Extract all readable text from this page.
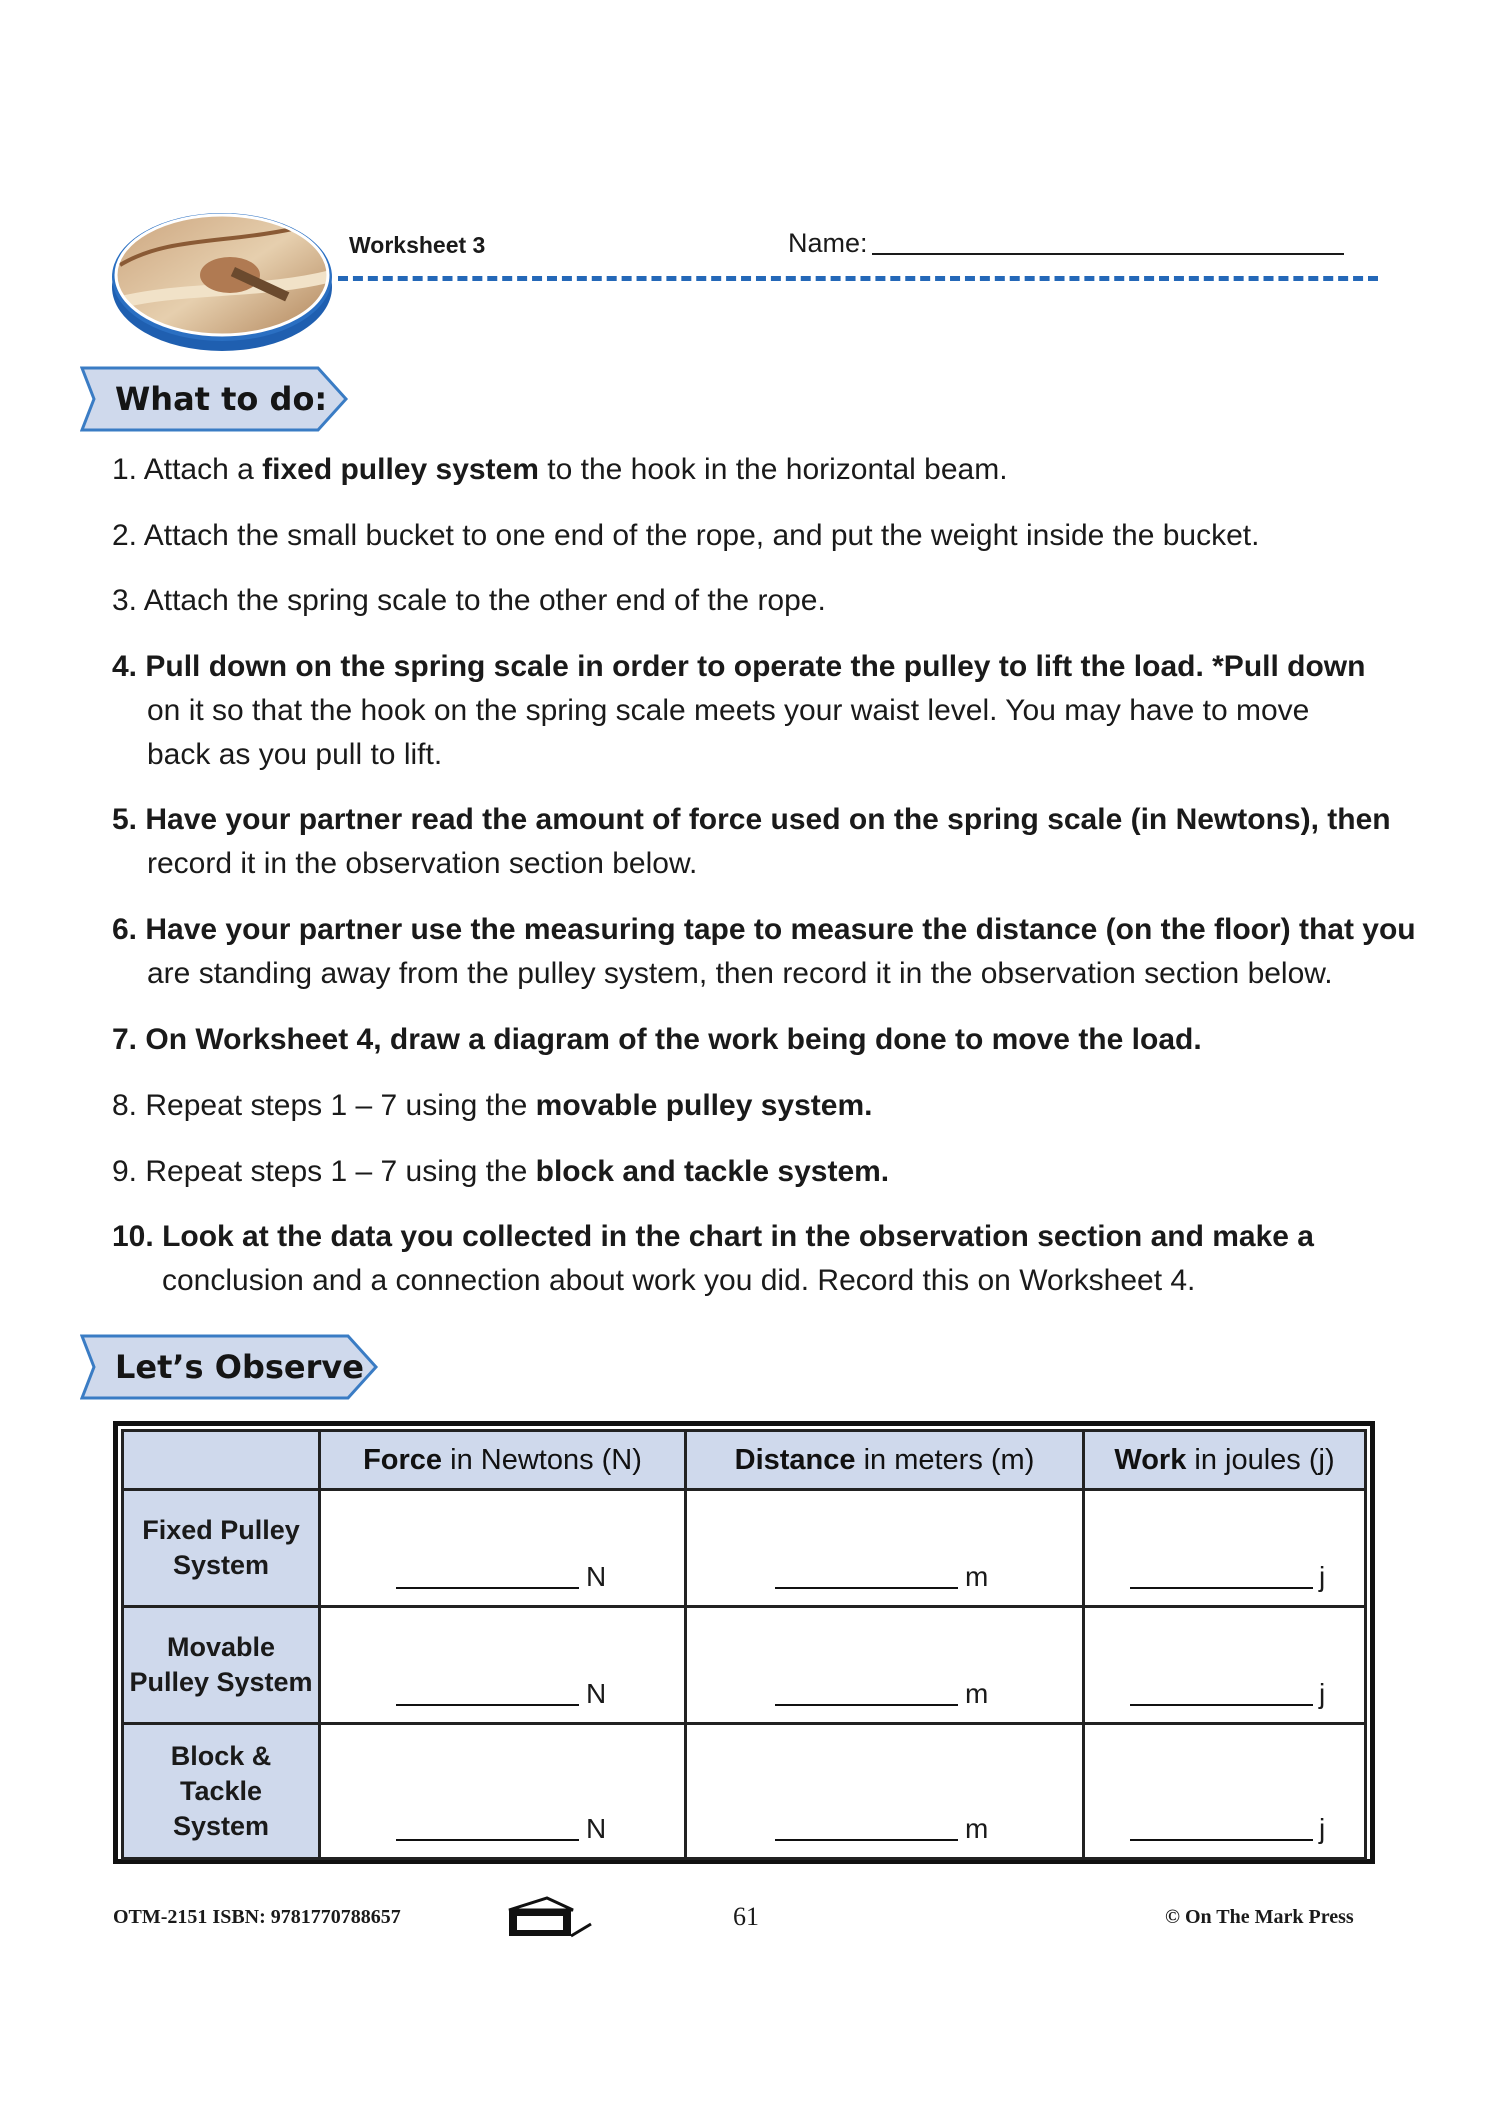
Worksheet 3	Name:
What to do:
1. Attach a fixed pulley system to the hook in the horizontal beam.
2. Attach the small bucket to one end of the rope, and put the weight inside the bucket.
3. Attach the spring scale to the other end of the rope.
4. Pull down on the spring scale in order to operate the pulley to lift the load. *Pull down
on it so that the hook on the spring scale meets your waist level. You may have to move
back as you pull to lift.
5. Have your partner read the amount of force used on the spring scale (in Newtons), then
record it in the observation section below.
6. Have your partner use the measuring tape to measure the distance (on the floor) that you
are standing away from the pulley system, then record it in the observation section below.
7. On Worksheet 4, draw a diagram of the work being done to move the load.
8. Repeat steps 1 – 7 using the movable pulley system.
9. Repeat steps 1 – 7 using the block and tackle system.
10. Look at the data you collected in the chart in the observation section and make a
conclusion and a connection about work you did. Record this on Worksheet 4.
Let’s Observe
	Force in Newtons (N)	Distance in meters (m)	Work in joules (j)

Fixed Pulley
System	N	m	j

Movable
Pulley System	N	m	j

Block &
Tackle
System	N	m	j
OTM-2151 ISBN: 9781770788657	61	© On The Mark Press
